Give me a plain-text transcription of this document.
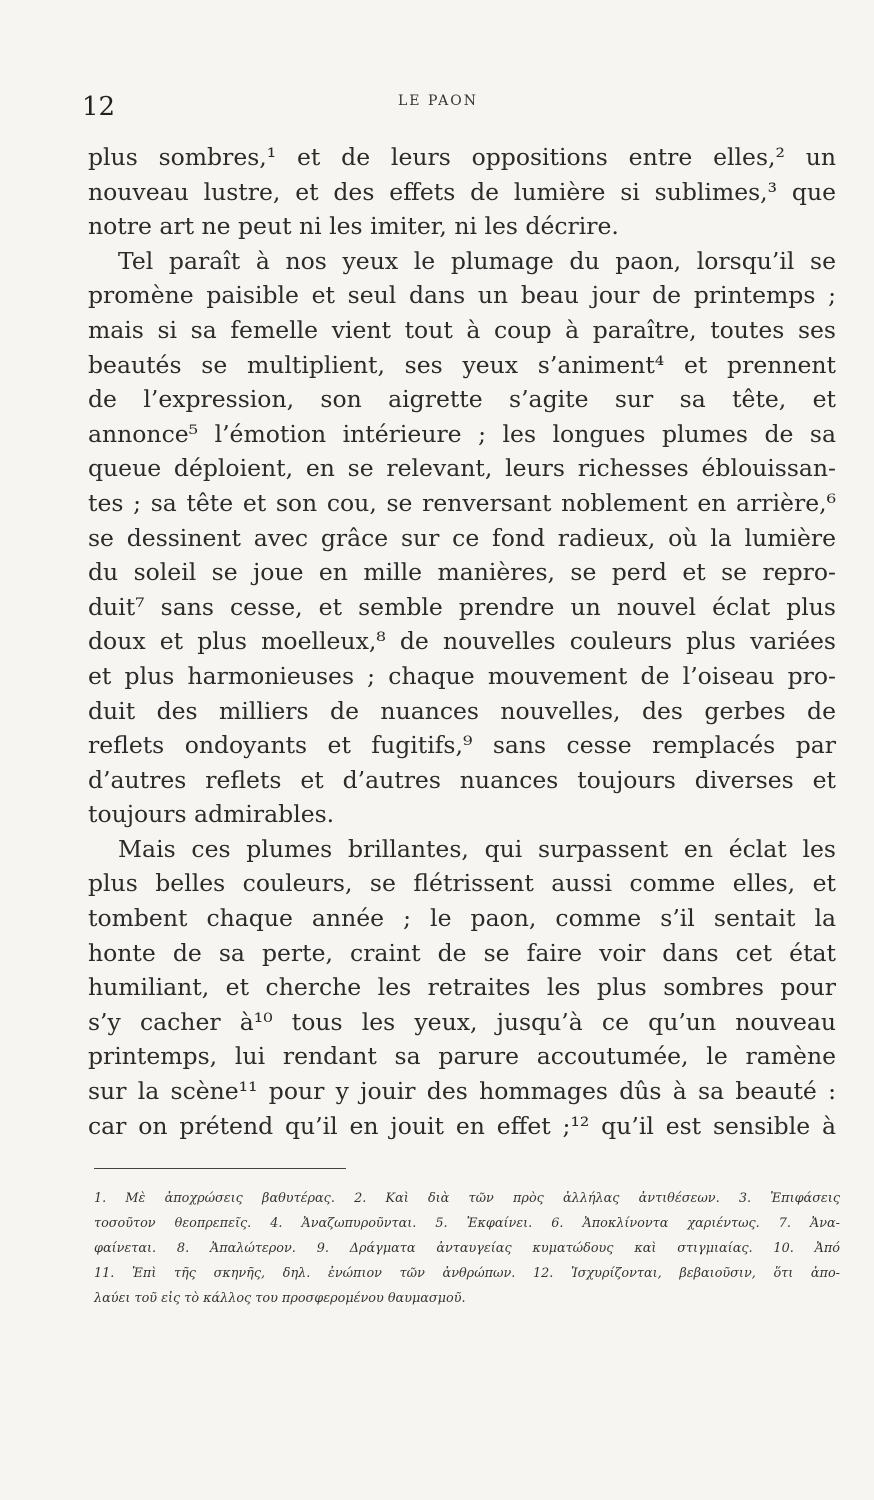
12	LE PAON
plus sombres,¹ et de leurs oppositions entre elles,² un
nouveau lustre, et des effets de lumière si sublimes,³ que
notre art ne peut ni les imiter, ni les décrire.
Tel paraît à nos yeux le plumage du paon, lorsqu’il se
promène paisible et seul dans un beau jour de printemps ;
mais si sa femelle vient tout à coup à paraître, toutes ses
beautés se multiplient, ses yeux s’animent⁴ et prennent
de l’expression, son aigrette s’agite sur sa tête, et
annonce⁵ l’émotion intérieure ; les longues plumes de sa
queue déploient, en se relevant, leurs richesses éblouissan-
tes ; sa tête et son cou, se renversant noblement en arrière,⁶
se dessinent avec grâce sur ce fond radieux, où la lumière
du soleil se joue en mille manières, se perd et se repro-
duit⁷ sans cesse, et semble prendre un nouvel éclat plus
doux et plus moelleux,⁸ de nouvelles couleurs plus variées
et plus harmonieuses ; chaque mouvement de l’oiseau pro-
duit des milliers de nuances nouvelles, des gerbes de
reflets ondoyants et fugitifs,⁹ sans cesse remplacés par
d’autres reflets et d’autres nuances toujours diverses et
toujours admirables.
Mais ces plumes brillantes, qui surpassent en éclat les
plus belles couleurs, se flétrissent aussi comme elles, et
tombent chaque année ; le paon, comme s’il sentait la
honte de sa perte, craint de se faire voir dans cet état
humiliant, et cherche les retraites les plus sombres pour
s’y cacher à¹⁰ tous les yeux, jusqu’à ce qu’un nouveau
printemps, lui rendant sa parure accoutumée, le ramène
sur la scène¹¹ pour y jouir des hommages dûs à sa beauté :
car on prétend qu’il en jouit en effet ;¹² qu’il est sensible à
1. Μὲ ἀποχρώσεις βαθυτέρας. 2. Καὶ διὰ τῶν πρὸς ἀλλήλας ἀντιθέσεων. 3. Ἐπιφάσεις
τοσοῦτον θεοπρεπεῖς. 4. Ἀναζωπυροῦνται. 5. Ἐκφαίνει. 6. Ἀποκλίνοντα χαριέντως. 7. Ἀνα-
φαίνεται. 8. Ἀπαλώτερον. 9. Δράγματα ἀνταυγείας κυματώδους καὶ στιγμιαίας. 10. Ἀπό
11. Ἐπὶ τῆς σκηνῆς, δηλ. ἐνώπιον τῶν ἀνθρώπων. 12. Ἰσχυρίζονται, βεβαιοῦσιν, ὅτι ἀπο-
λαύει τοῦ εἰς τὸ κάλλος του προσφερομένου θαυμασμοῦ.
